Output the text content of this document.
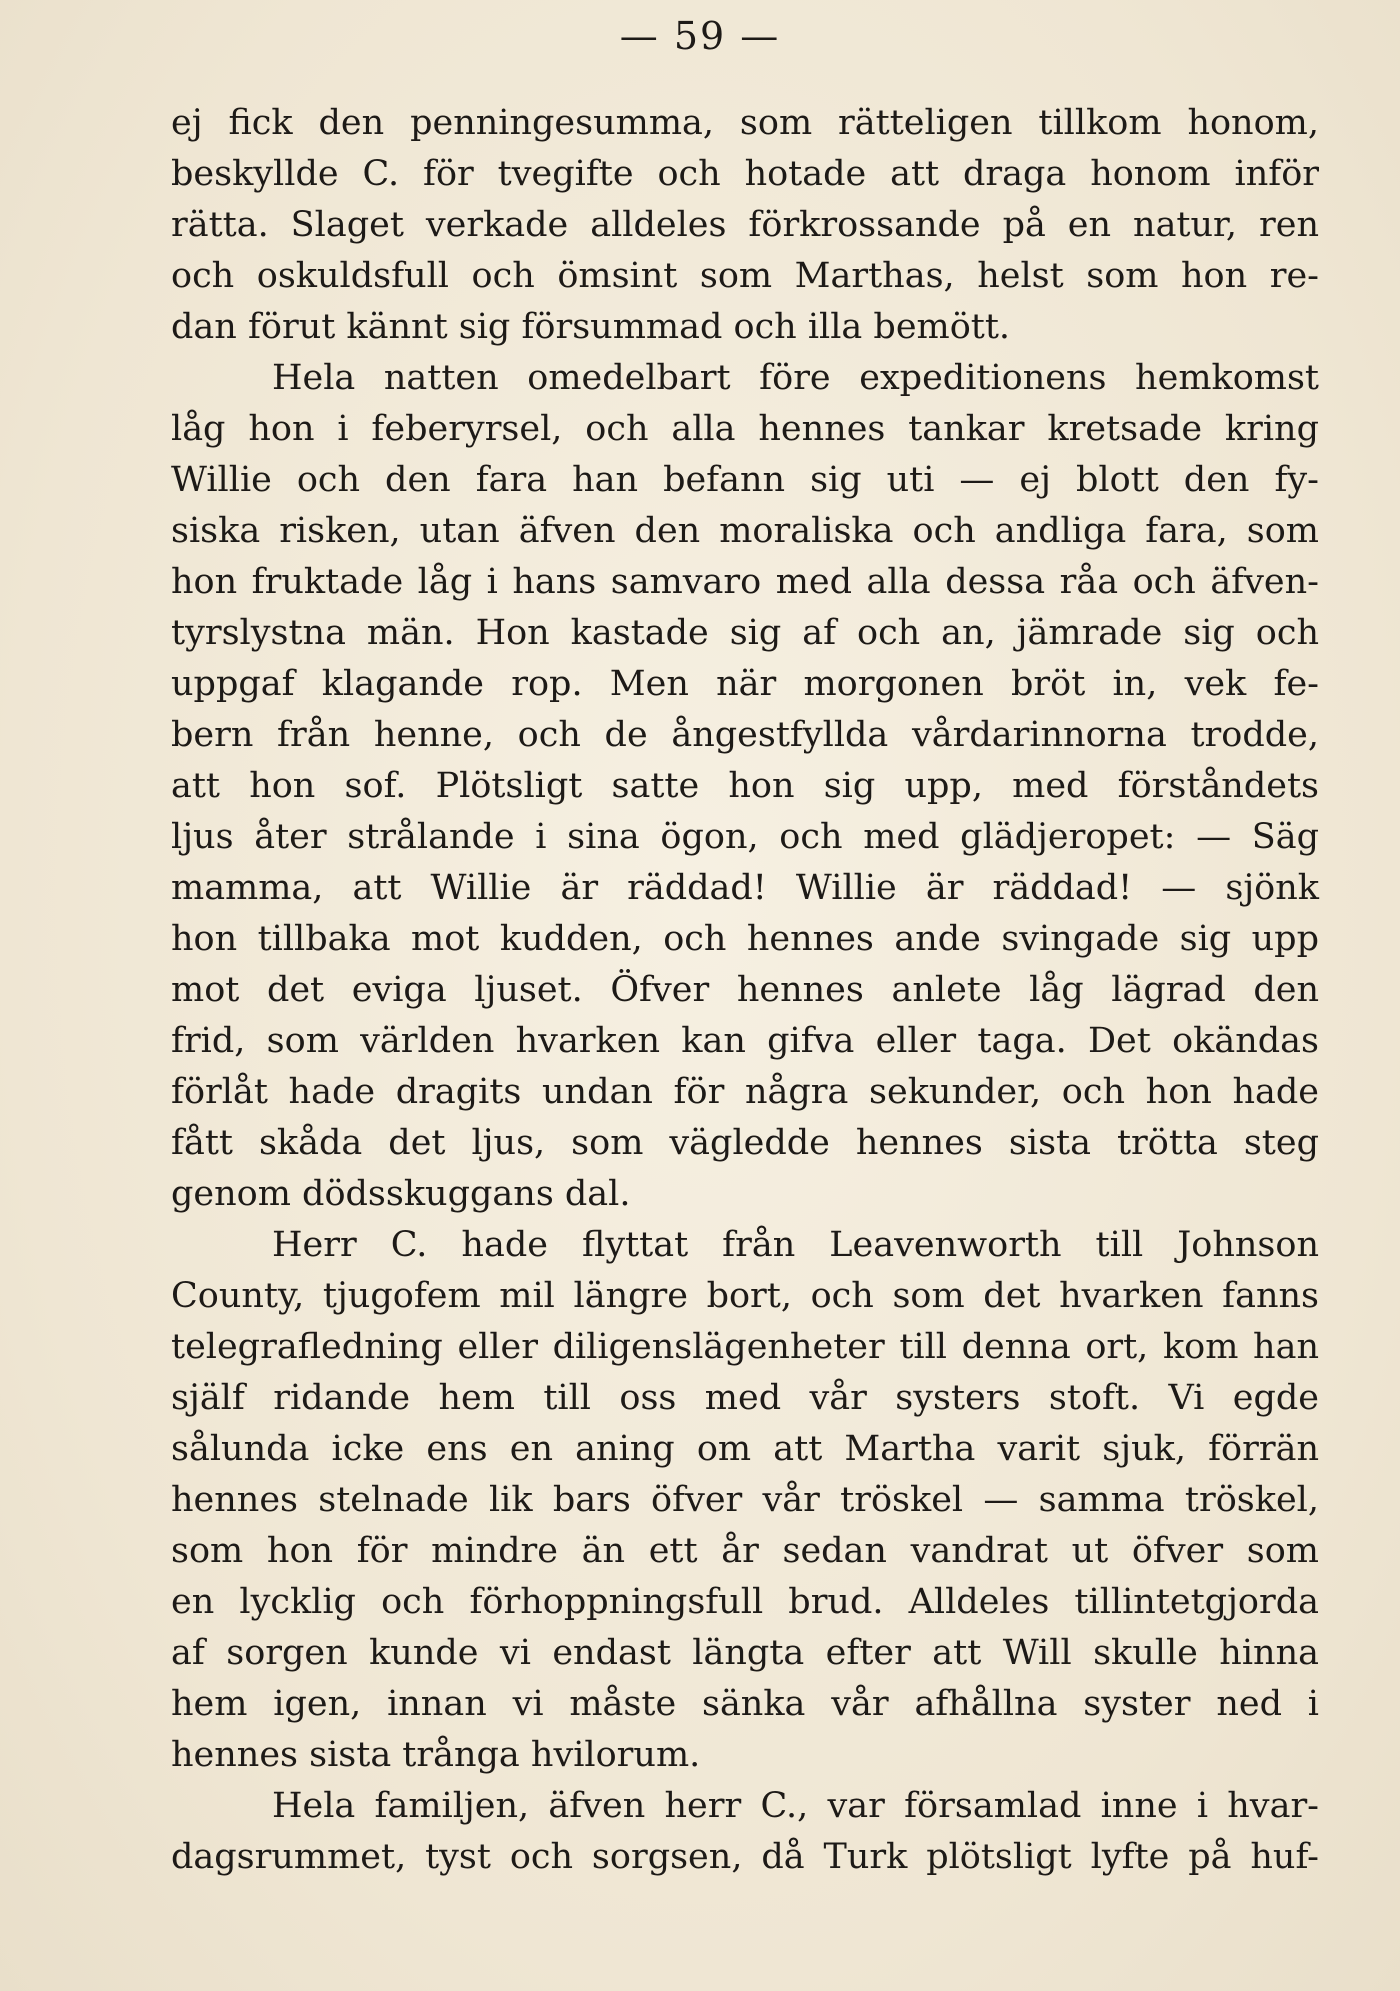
— 59 —
ej fick den penningesumma, som rätteligen tillkom honom,
beskyllde C. för tvegifte och hotade att draga honom inför
rätta. Slaget verkade alldeles förkrossande på en natur, ren
och oskuldsfull och ömsint som Marthas, helst som hon re-
dan förut kännt sig försummad och illa bemött.
Hela natten omedelbart före expeditionens hemkomst
låg hon i feberyrsel, och alla hennes tankar kretsade kring
Willie och den fara han befann sig uti — ej blott den fy-
siska risken, utan äfven den moraliska och andliga fara, som
hon fruktade låg i hans samvaro med alla dessa råa och äfven-
tyrslystna män. Hon kastade sig af och an, jämrade sig och
uppgaf klagande rop. Men när morgonen bröt in, vek fe-
bern från henne, och de ångestfyllda vårdarinnorna trodde,
att hon sof. Plötsligt satte hon sig upp, med förståndets
ljus åter strålande i sina ögon, och med glädjeropet: — Säg
mamma, att Willie är räddad! Willie är räddad! — sjönk
hon tillbaka mot kudden, och hennes ande svingade sig upp
mot det eviga ljuset. Öfver hennes anlete låg lägrad den
frid, som världen hvarken kan gifva eller taga. Det okändas
förlåt hade dragits undan för några sekunder, och hon hade
fått skåda det ljus, som vägledde hennes sista trötta steg
genom dödsskuggans dal.
Herr C. hade flyttat från Leavenworth till Johnson
County, tjugofem mil längre bort, och som det hvarken fanns
telegrafledning eller diligenslägenheter till denna ort, kom han
själf ridande hem till oss med vår systers stoft. Vi egde
sålunda icke ens en aning om att Martha varit sjuk, förrän
hennes stelnade lik bars öfver vår tröskel — samma tröskel,
som hon för mindre än ett år sedan vandrat ut öfver som
en lycklig och förhoppningsfull brud. Alldeles tillintetgjorda
af sorgen kunde vi endast längta efter att Will skulle hinna
hem igen, innan vi måste sänka vår afhållna syster ned i
hennes sista trånga hvilorum.
Hela familjen, äfven herr C., var församlad inne i hvar-
dagsrummet, tyst och sorgsen, då Turk plötsligt lyfte på huf-
